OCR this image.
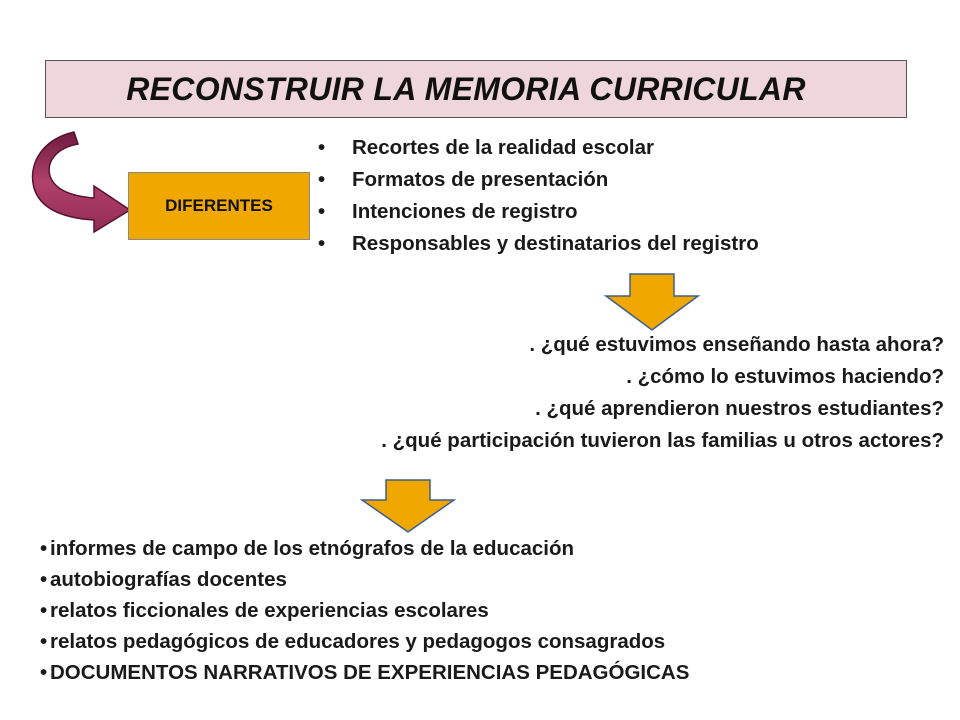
RECONSTRUIR LA MEMORIA CURRICULAR
DIFERENTES
• Recortes de la realidad escolar
• Formatos de presentación
• Intenciones de registro
• Responsables y destinatarios del registro
. ¿qué estuvimos enseñando hasta ahora?
. ¿cómo lo estuvimos haciendo?
. ¿qué aprendieron nuestros estudiantes?
. ¿qué participación tuvieron las familias u otros actores?
• informes de campo de los etnógrafos de la educación
• autobiografías docentes
• relatos ficcionales de experiencias escolares
• relatos pedagógicos de educadores y pedagogos consagrados
• DOCUMENTOS NARRATIVOS DE EXPERIENCIAS PEDAGÓGICAS
